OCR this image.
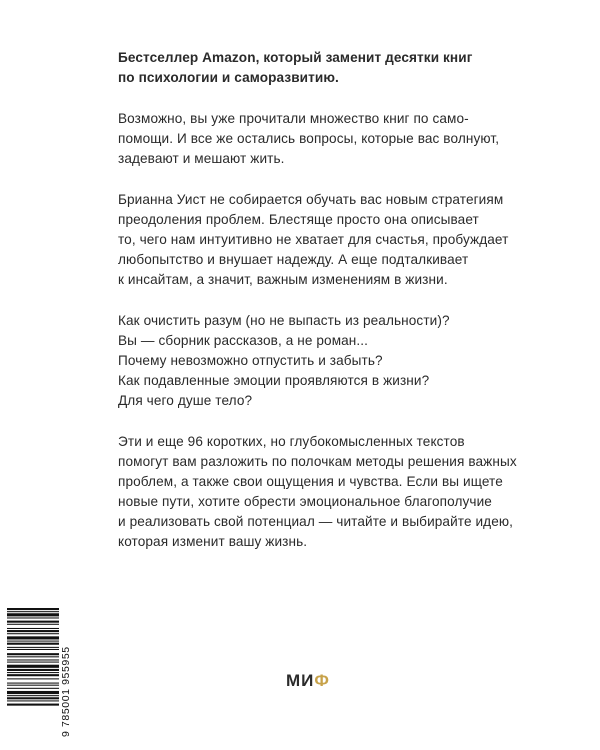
Бестселлер Amazon, который заменит десятки книг
по психологии и саморазвитию.
Возможно, вы уже прочитали множество книг по само-
помощи. И все же остались вопросы, которые вас волнуют,
задевают и мешают жить.
Брианна Уист не собирается обучать вас новым стратегиям
преодоления проблем. Блестяще просто она описывает
то, чего нам интуитивно не хватает для счастья, пробуждает
любопытство и внушает надежду. А еще подталкивает
к инсайтам, а значит, важным изменениям в жизни.
Как очистить разум (но не выпасть из реальности)?
Вы — сборник рассказов, а не роман...
Почему невозможно отпустить и забыть?
Как подавленные эмоции проявляются в жизни?
Для чего душе тело?
Эти и еще 96 коротких, но глубокомысленных текстов
помогут вам разложить по полочкам методы решения важных
проблем, а также свои ощущения и чувства. Если вы ищете
новые пути, хотите обрести эмоциональное благополучие
и реализовать свой потенциал — читайте и выбирайте идею,
которая изменит вашу жизнь.
9 785001 955955	МИФ
